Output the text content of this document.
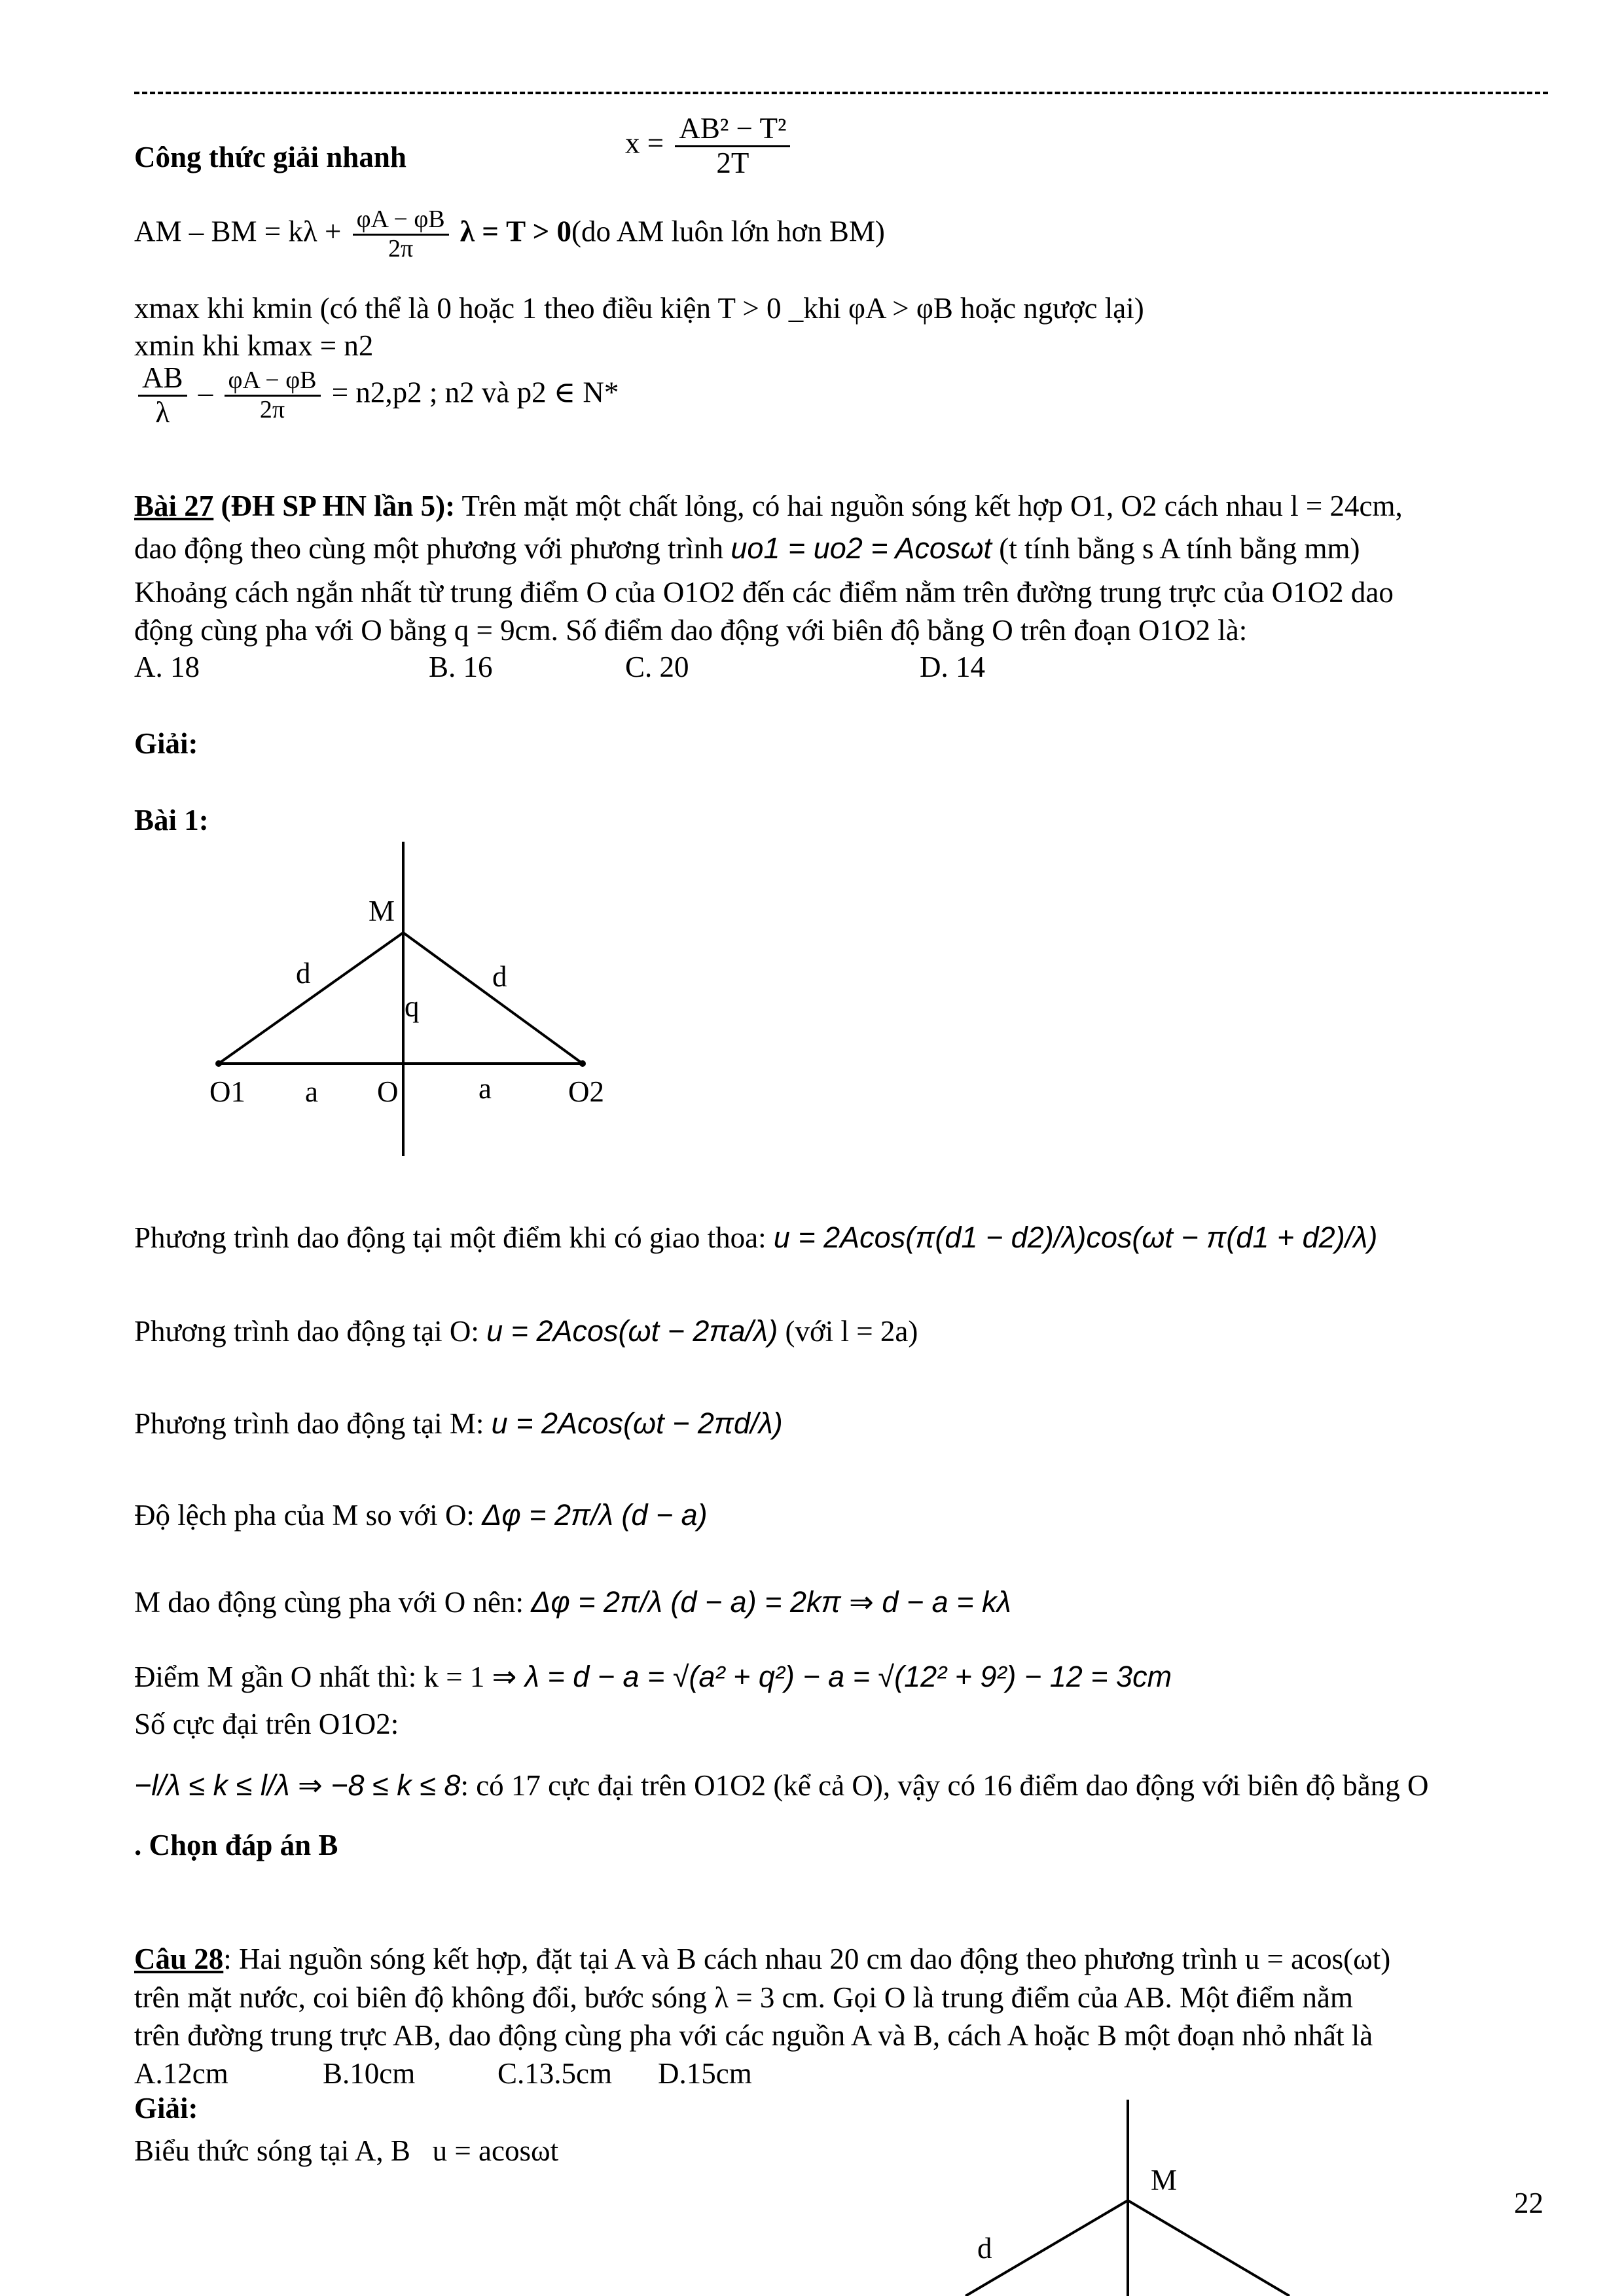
Công thức giải nhanh	$x = \frac{\text{AB² − T²}}{2T}$
AM – BM = $k\lambda + \frac{\varphi A - \varphi B}{2\pi}$ λ = T > 0(do AM luôn lớn hơn BM)
xmax khi kmin (có thể là 0 hoặc 1 theo điều kiện T > 0 _khi φA > φB hoặc ngược lại)
xmin khi kmax = n2
$\frac{AB}{\lambda} - \frac{\varphi A - \varphi B}{2\pi} = n2,p2$ ; n2 và p2 ∈ N*
Bài 27 (ĐH SP HN lần 5): Trên mặt một chất lỏng, có hai nguồn sóng kết hợp O1, O2 cách nhau l = 24cm,
dao động theo cùng một phương với phương trình uo1 = uo2 = Acosωt (t tính bằng s A tính bằng mm)
Khoảng cách ngắn nhất từ trung điểm O của O1O2 đến các điểm nằm trên đường trung trực của O1O2 dao
động cùng pha với O bằng q = 9cm. Số điểm dao động với biên độ bằng O trên đoạn O1O2 là:
A. 18	B. 16	C. 20	D. 14
Giải:
Bài 1:
M
d	d
q
O1 a O	a	O2
Phương trình dao động tại một điểm khi có giao thoa: u = 2Acos(π(d1 − d2)/λ)cos(ωt − π(d1 + d2)/λ)
Phương trình dao động tại O: u = 2Acos(ωt − 2πa/λ) (với l = 2a)
Phương trình dao động tại M: u = 2Acos(ωt − 2πd/λ)
Độ lệch pha của M so với O: Δφ = 2π/λ (d − a)
M dao động cùng pha với O nên: Δφ = 2π/λ (d − a) = 2kπ ⇒ d − a = kλ
Điểm M gần O nhất thì: k = 1 ⇒ λ = d − a = √(a² + q²) − a = √(12² + 9²) − 12 = 3cm
Số cực đại trên O1O2:
−l/λ ≤ k ≤ l/λ ⇒ −8 ≤ k ≤ 8: có 17 cực đại trên O1O2 (kể cả O), vậy có 16 điểm dao động với biên độ bằng O
. Chọn đáp án B
Câu 28: Hai nguồn sóng kết hợp, đặt tại A và B cách nhau 20 cm dao động theo phương trình u = acos(ωt)
trên mặt nước, coi biên độ không đổi, bước sóng λ = 3 cm. Gọi O là trung điểm của AB. Một điểm nằm
trên đường trung trực AB, dao động cùng pha với các nguồn A và B, cách A hoặc B một đoạn nhỏ nhất là
A.12cm	B.10cm	C.13.5cm D.15cm
Giải:
Biểu thức sóng tại A, B u = acosωt
M
d
22
